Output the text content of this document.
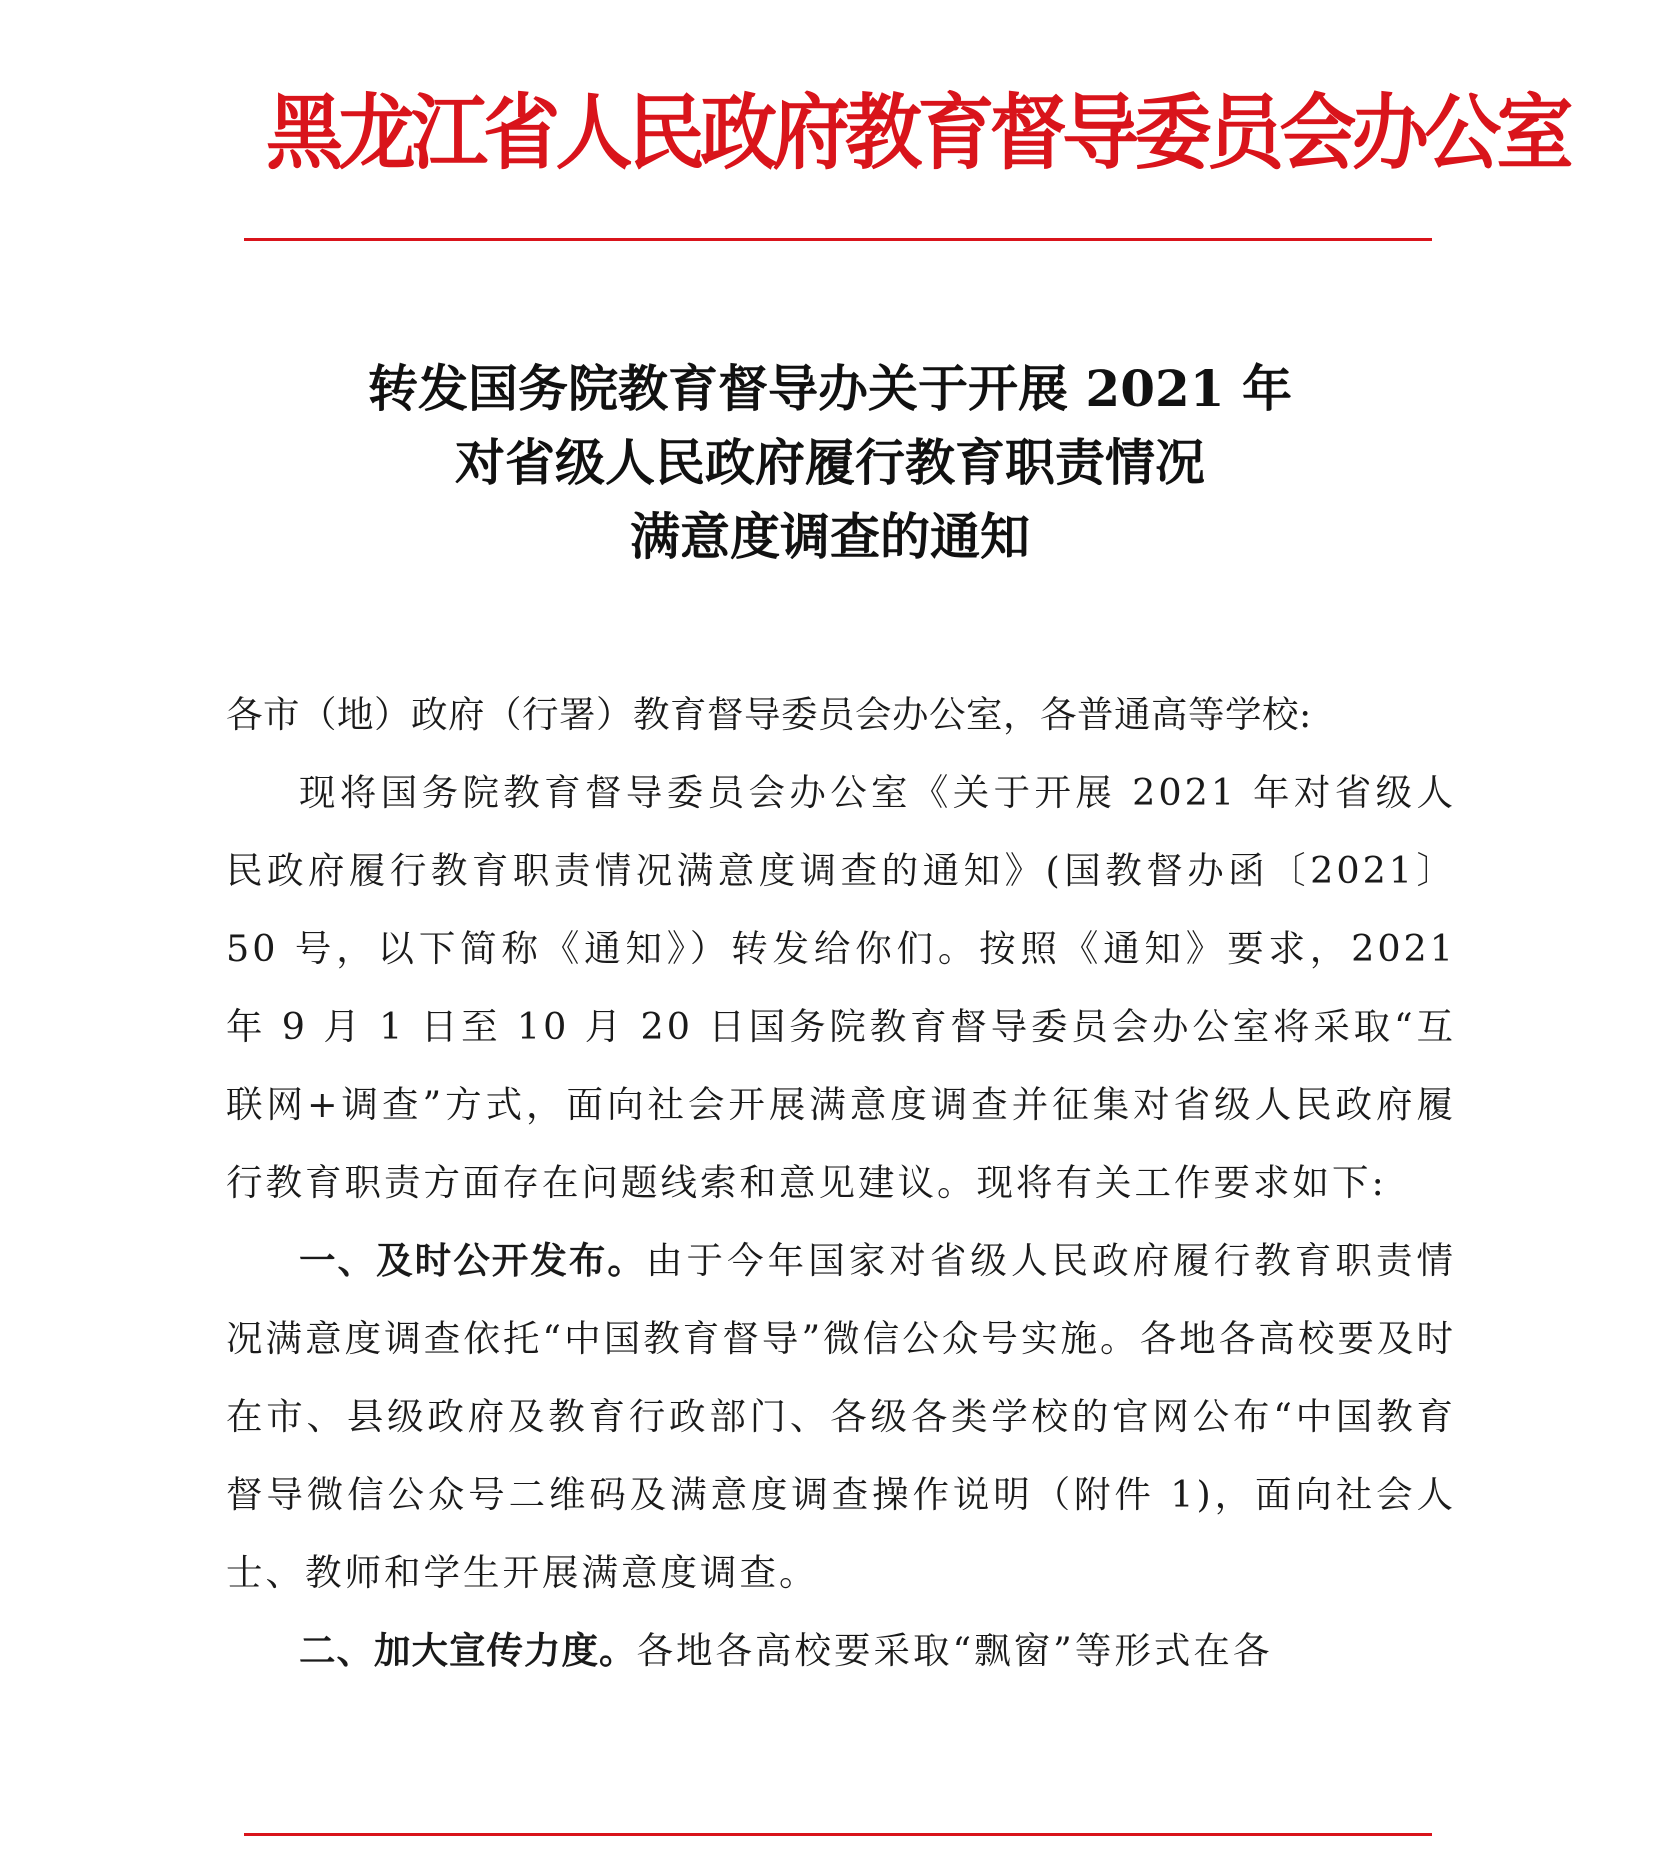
黑龙江省人民政府教育督导委员会办公室
转发国务院教育督导办关于开展 2021 年
对省级人民政府履行教育职责情况
满意度调查的通知

各市（地）政府（行署）教育督导委员会办公室，各普通高等学校:

现将国务院教育督导委员会办公室《关于开展 2021 年对省级人民政府履行教育职责情况满意度调查的通知》(国教督办函〔2021〕50 号，以下简称《通知》）转发给你们。按照《通知》要求，2021 年 9 月 1 日至 10 月 20 日国务院教育督导委员会办公室将采取“互联网+调查”方式，面向社会开展满意度调查并征集对省级人民政府履行教育职责方面存在问题线索和意见建议。现将有关工作要求如下:

一、及时公开发布。由于今年国家对省级人民政府履行教育职责情况满意度调查依托“中国教育督导”微信公众号实施。各地各高校要及时在市、县级政府及教育行政部门、各级各类学校的官网公布“中国教育督导微信公众号二维码及满意度调查操作说明（附件 1)，面向社会人士、教师和学生开展满意度调查。

二、加大宣传力度。各地各高校要采取“飘窗”等形式在各
